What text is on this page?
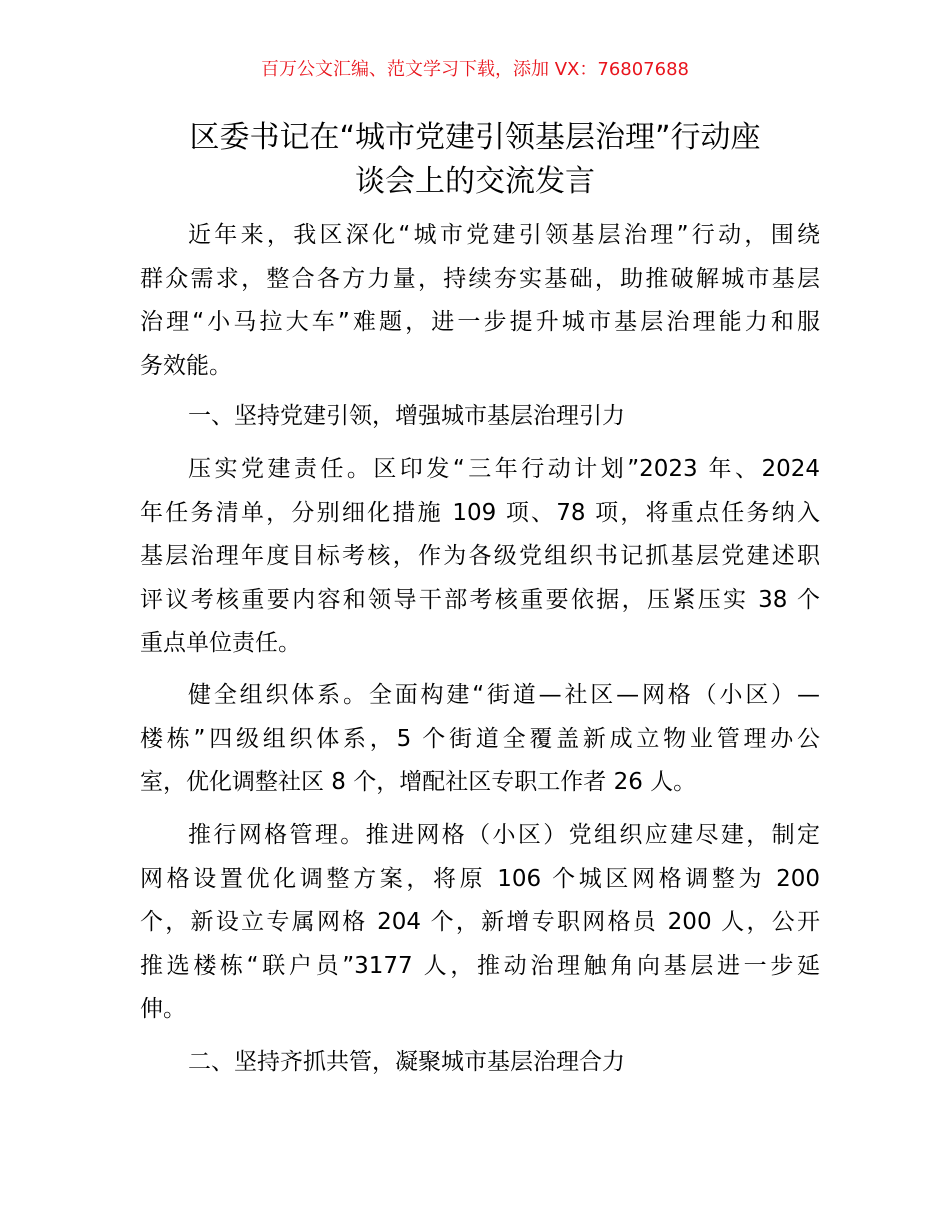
百万公文汇编、范文学习下载，添加 VX：76807688
区委书记在“城市党建引领基层治理”行动座
谈会上的交流发言

近年来，我区深化“城市党建引领基层治理”行动，围绕
群众需求，整合各方力量，持续夯实基础，助推破解城市基层
治理“小马拉大车”难题，进一步提升城市基层治理能力和服
务效能。

一、坚持党建引领，增强城市基层治理引力

压实党建责任。区印发“三年行动计划”2023 年、2024
年任务清单，分别细化措施 109 项、78 项，将重点任务纳入
基层治理年度目标考核，作为各级党组织书记抓基层党建述职
评议考核重要内容和领导干部考核重要依据，压紧压实 38 个
重点单位责任。

健全组织体系。全面构建“街道—社区—网格（小区）—
楼栋”四级组织体系，5 个街道全覆盖新成立物业管理办公
室，优化调整社区 8 个，增配社区专职工作者 26 人。

推行网格管理。推进网格（小区）党组织应建尽建，制定
网格设置优化调整方案，将原 106 个城区网格调整为 200
个，新设立专属网格 204 个，新增专职网格员 200 人，公开
推选楼栋“联户员”3177 人，推动治理触角向基层进一步延
伸。

二、坚持齐抓共管，凝聚城市基层治理合力
